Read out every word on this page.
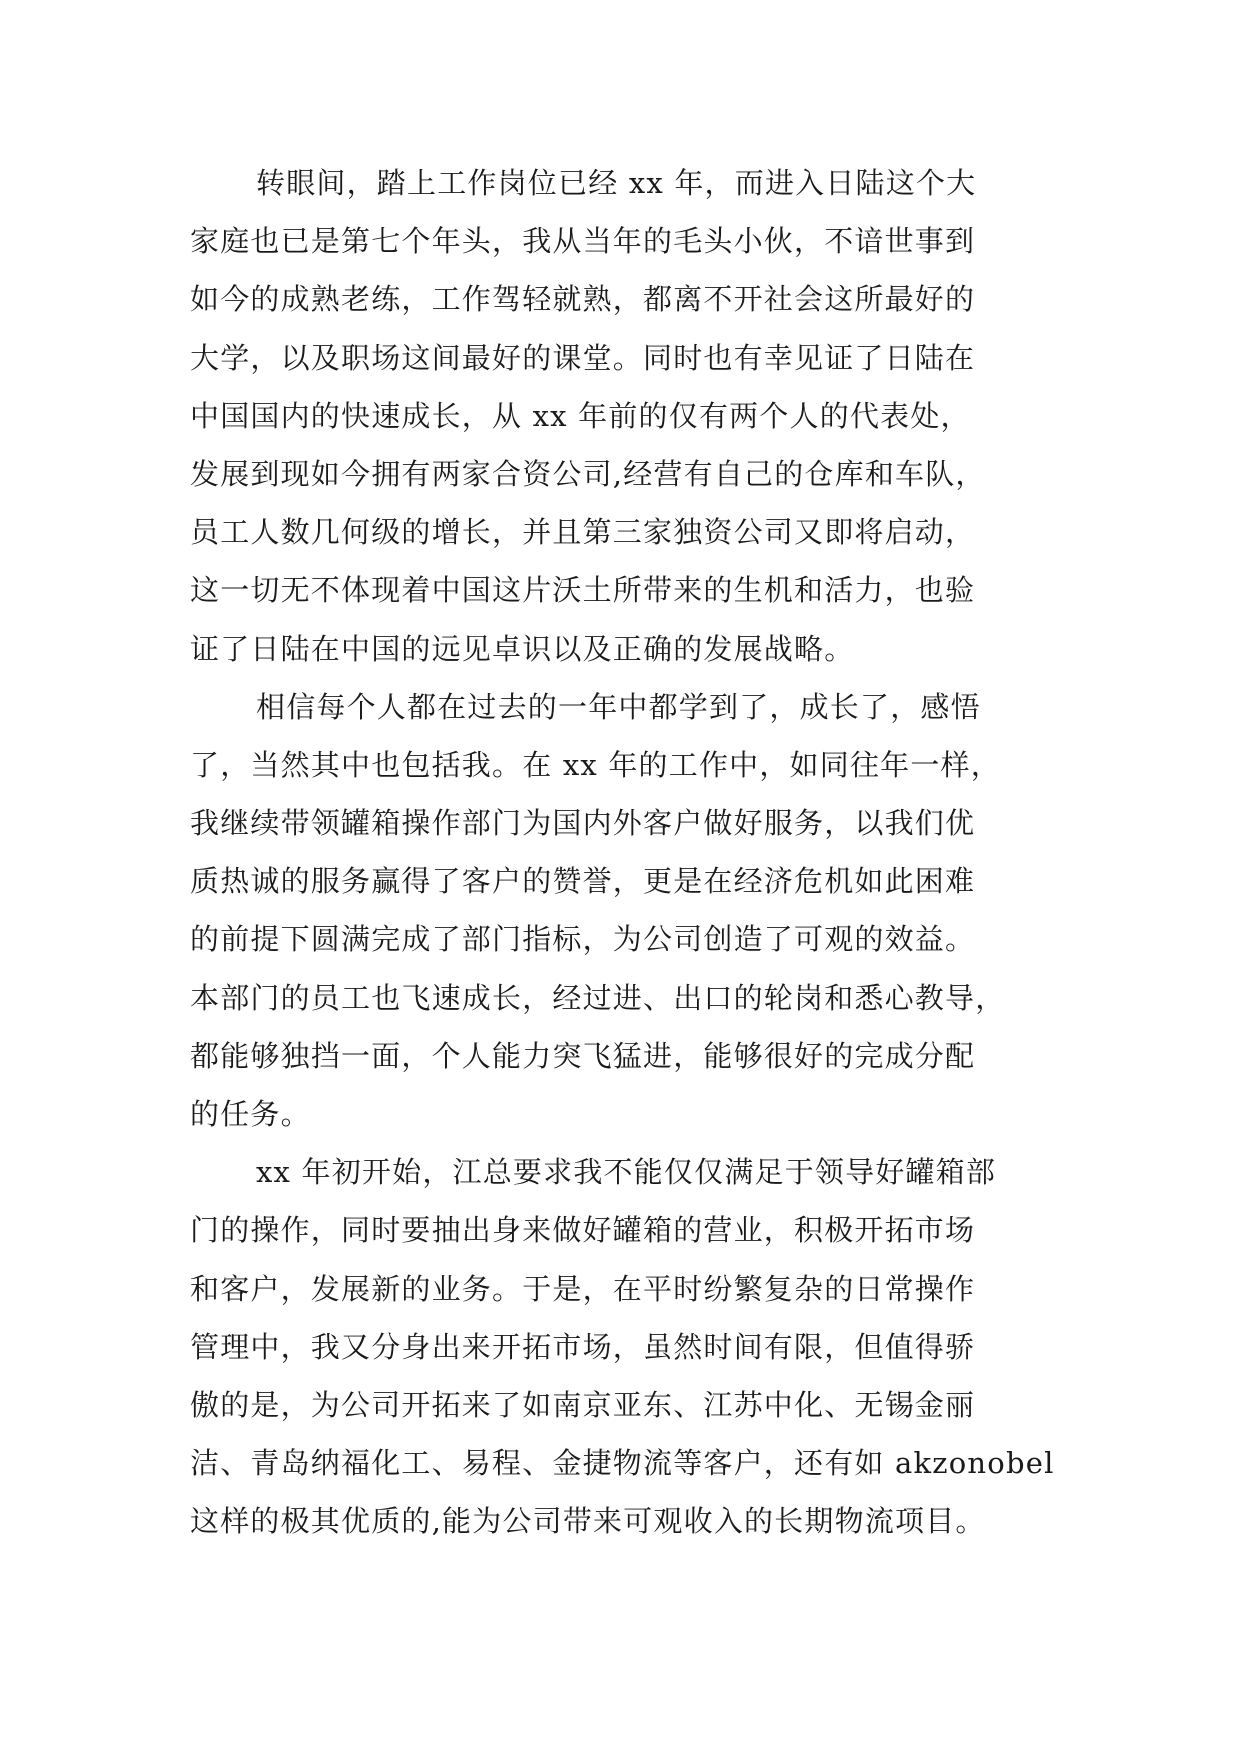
转眼间，踏上工作岗位已经 xx 年，而进入日陆这个大
家庭也已是第七个年头，我从当年的毛头小伙，不谙世事到
如今的成熟老练，工作驾轻就熟，都离不开社会这所最好的
大学，以及职场这间最好的课堂。同时也有幸见证了日陆在
中国国内的快速成长，从 xx 年前的仅有两个人的代表处，
发展到现如今拥有两家合资公司,经营有自己的仓库和车队，
员工人数几何级的增长，并且第三家独资公司又即将启动，
这一切无不体现着中国这片沃土所带来的生机和活力，也验
证了日陆在中国的远见卓识以及正确的发展战略。
相信每个人都在过去的一年中都学到了，成长了，感悟
了，当然其中也包括我。在 xx 年的工作中，如同往年一样，
我继续带领罐箱操作部门为国内外客户做好服务，以我们优
质热诚的服务赢得了客户的赞誉，更是在经济危机如此困难
的前提下圆满完成了部门指标，为公司创造了可观的效益。
本部门的员工也飞速成长，经过进、出口的轮岗和悉心教导，
都能够独挡一面，个人能力突飞猛进，能够很好的完成分配
的任务。
xx 年初开始，江总要求我不能仅仅满足于领导好罐箱部
门的操作，同时要抽出身来做好罐箱的营业，积极开拓市场
和客户，发展新的业务。于是，在平时纷繁复杂的日常操作
管理中，我又分身出来开拓市场，虽然时间有限，但值得骄
傲的是，为公司开拓来了如南京亚东、江苏中化、无锡金丽
洁、青岛纳福化工、易程、金捷物流等客户，还有如 akzonobel
这样的极其优质的,能为公司带来可观收入的长期物流项目。
